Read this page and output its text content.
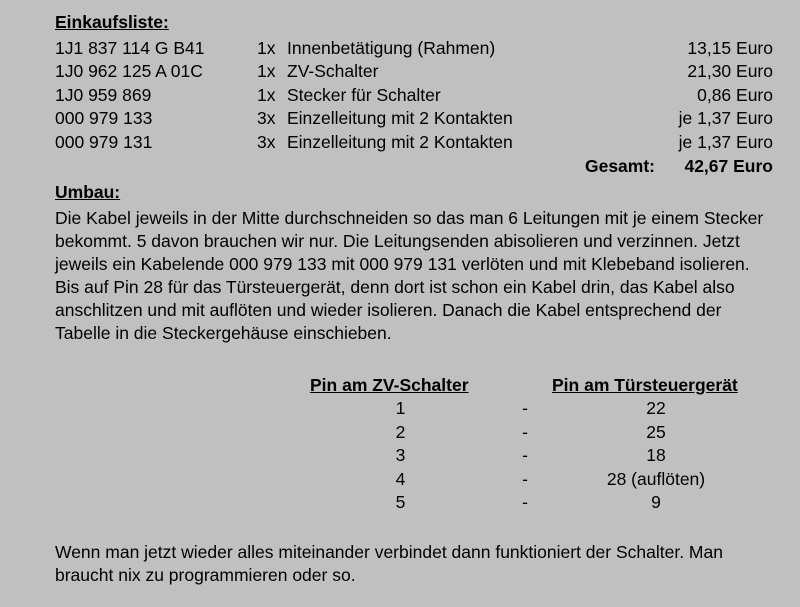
Einkaufsliste:
1J1 837 114 G B41	1x Innenbetätigung (Rahmen)	13,15 Euro
1J0 962 125 A 01C	1x ZV-Schalter	21,30 Euro
1J0 959 869	1x Stecker für Schalter	0,86 Euro
000 979 133	3x Einzelleitung mit 2 Kontakten	je 1,37 Euro
000 979 131	3x Einzelleitung mit 2 Kontakten	je 1,37 Euro
Gesamt: 42,67 Euro
Umbau:

Die Kabel jeweils in der Mitte durchschneiden so das man 6 Leitungen mit je einem Stecker bekommt. 5 davon brauchen wir nur. Die Leitungsenden abisolieren und verzinnen. Jetzt jeweils ein Kabelende 000 979 133 mit 000 979 131 verlöten und mit Klebeband isolieren. Bis auf Pin 28 für das Türsteuergerät, denn dort ist schon ein Kabel drin, das Kabel also anschlitzen und mit auflöten und wieder isolieren. Danach die Kabel entsprechend der Tabelle in die Steckergehäuse einschieben.

Pin am ZV-Schalter	Pin am Türsteuergerät
1	-	22
2	-	25
3	-	18
4	-	28 (auflöten)
5	-	9

Wenn man jetzt wieder alles miteinander verbindet dann funktioniert der Schalter. Man braucht nix zu programmieren oder so.
